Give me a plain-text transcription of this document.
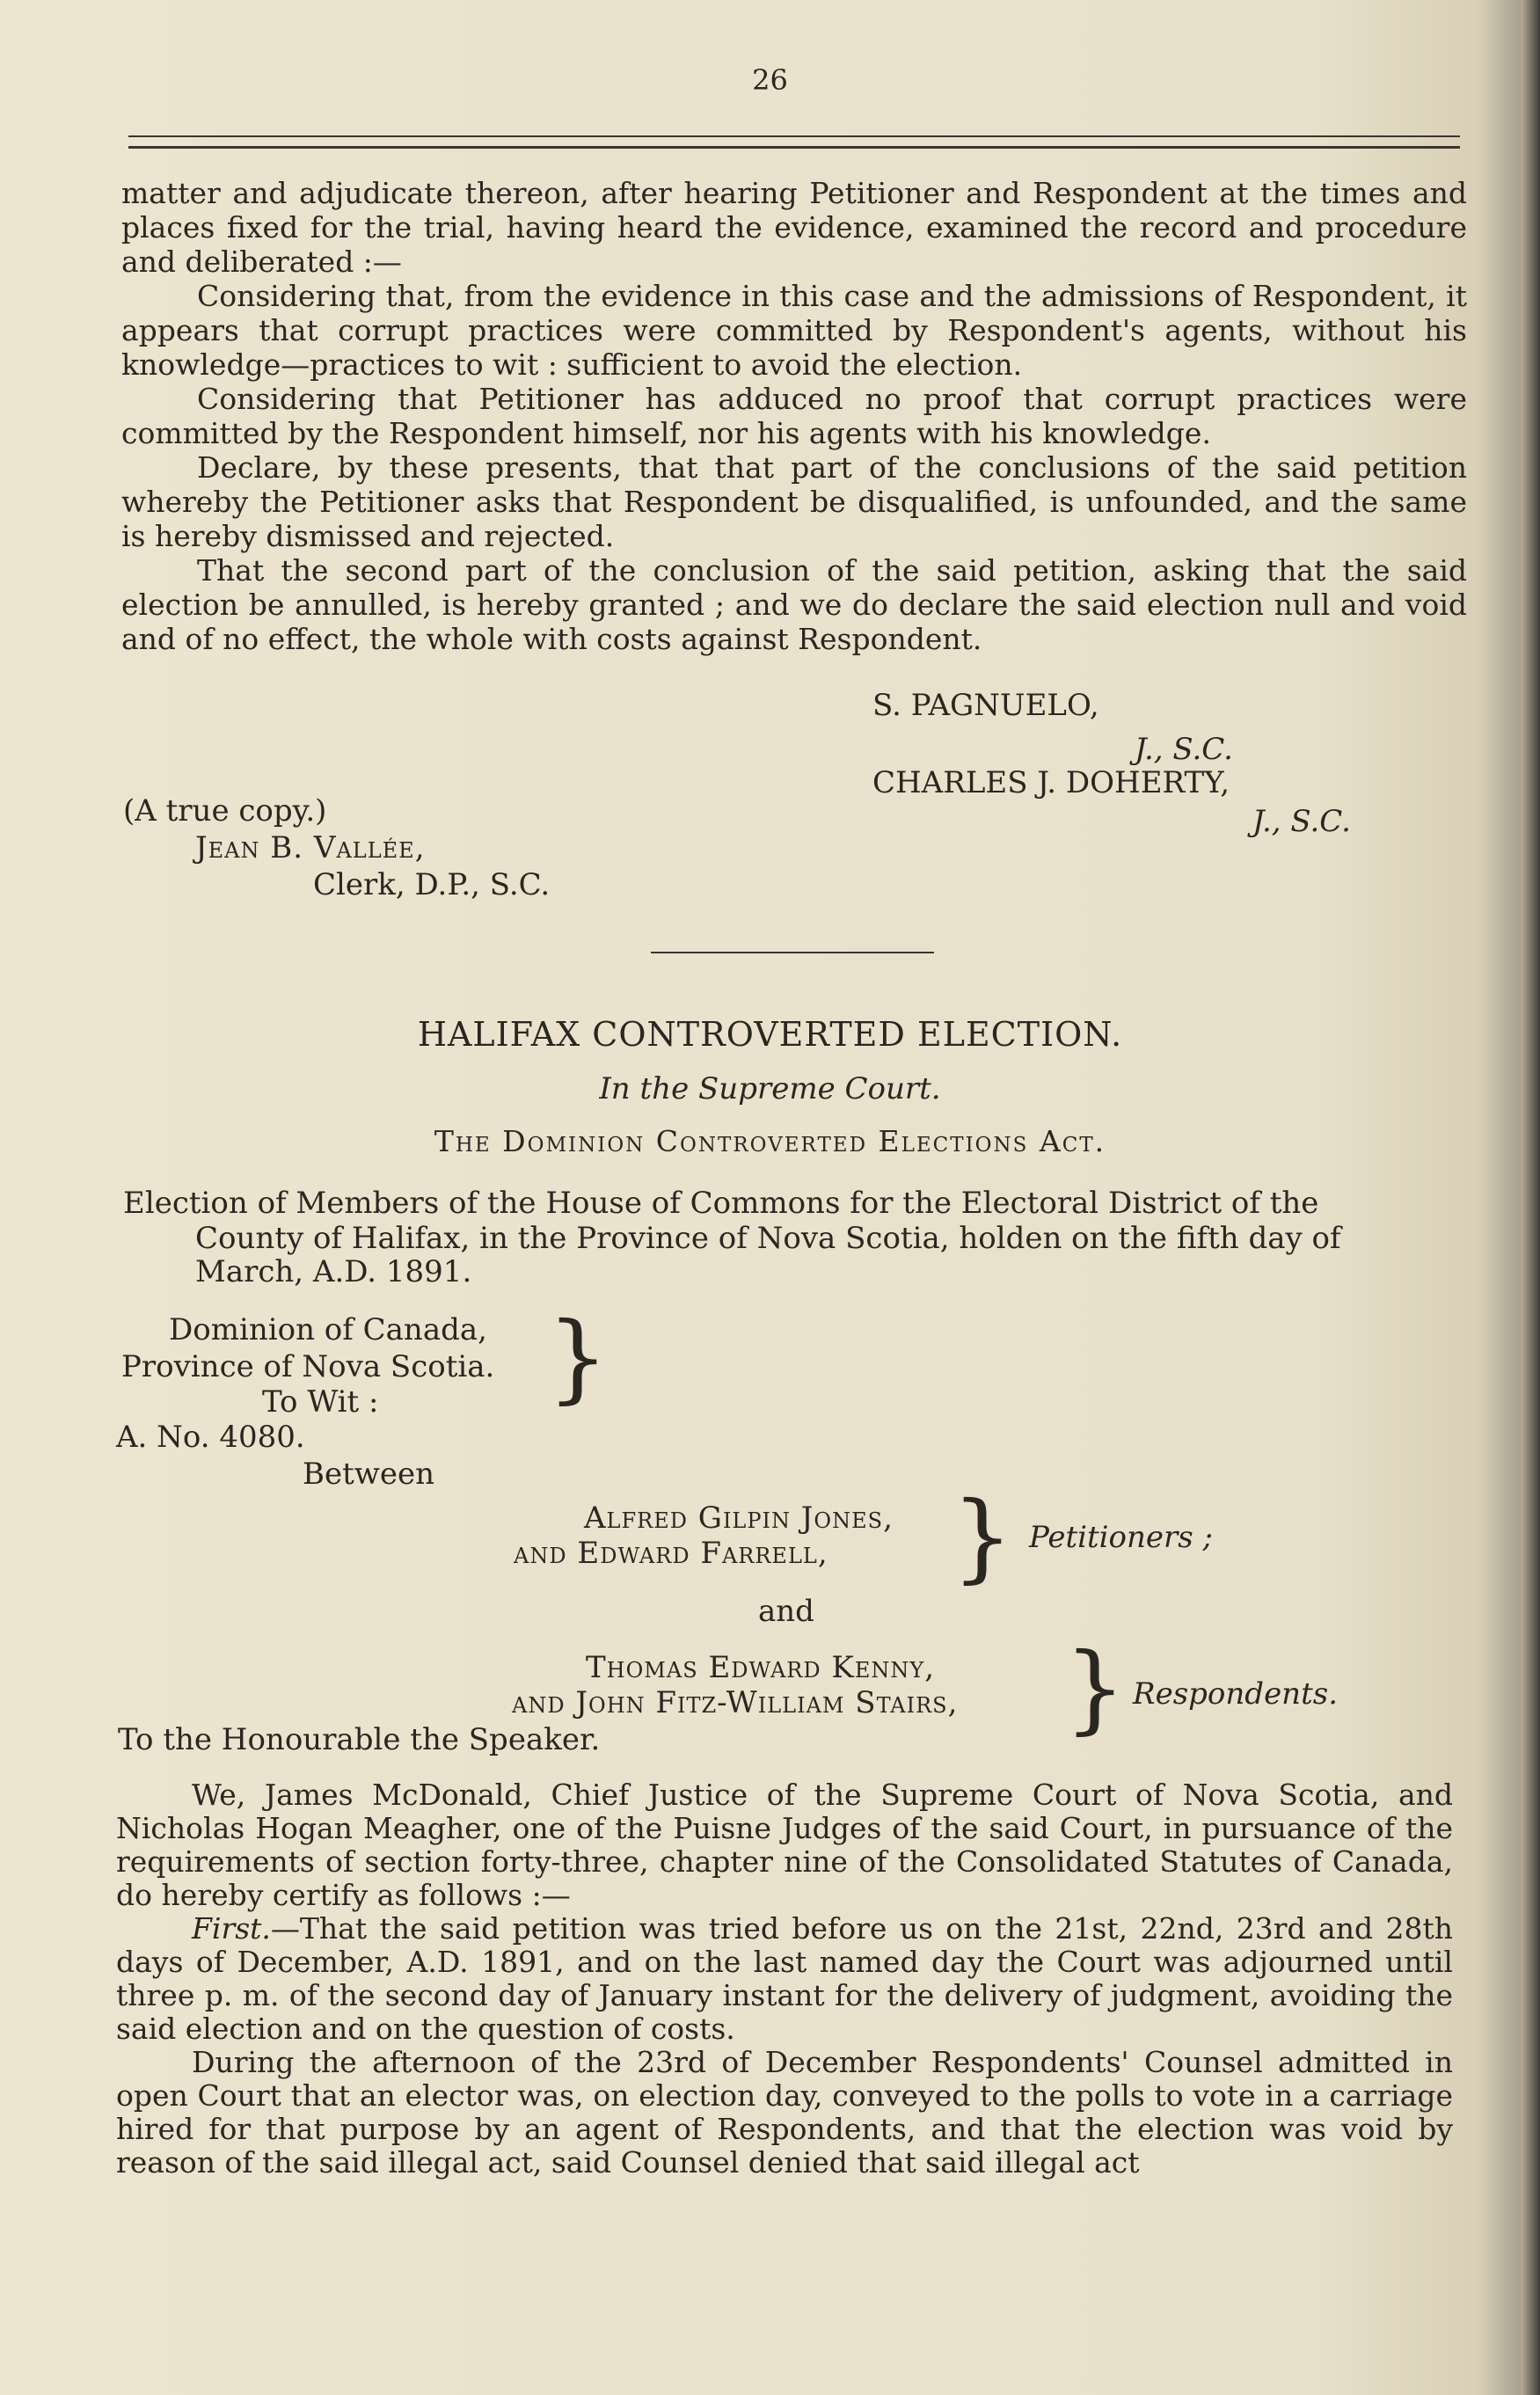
26

matter and adjudicate thereon, after hearing Petitioner and Respondent at the times and places fixed for the trial, having heard the evidence, examined the record and procedure and deliberated :—

Considering that, from the evidence in this case and the admissions of Respondent, it appears that corrupt practices were committed by Respondent's agents, without his knowledge—practices to wit : sufficient to avoid the election.

Considering that Petitioner has adduced no proof that corrupt practices were committed by the Respondent himself, nor his agents with his knowledge.

Declare, by these presents, that that part of the conclusions of the said petition whereby the Petitioner asks that Respondent be disqualified, is unfounded, and the same is hereby dismissed and rejected.

That the second part of the conclusion of the said petition, asking that the said election be annulled, is hereby granted ; and we do declare the said election null and void and of no effect, the whole with costs against Respondent.

S. PAGNUELO,
J., S.C.
CHARLES J. DOHERTY,
J., S.C.
(A true copy.)
Jean B. Vallée,
Clerk, D.P., S.C.
HALIFAX CONTROVERTED ELECTION.
In the Supreme Court.
The Dominion Controverted Elections Act.
Election of Members of the House of Commons for the Electoral District of the
County of Halifax, in the Province of Nova Scotia, holden on the fifth day of
March, A.D. 1891.
Dominion of Canada,
Province of Nova Scotia.
To Wit : }
A. No. 4080.
Between
Alfred Gilpin Jones,
and Edward Farrell, } Petitioners ;
and
Thomas Edward Kenny,
and John Fitz-William Stairs, } Respondents.
To the Honourable the Speaker.

We, James McDonald, Chief Justice of the Supreme Court of Nova Scotia, and Nicholas Hogan Meagher, one of the Puisne Judges of the said Court, in pursuance of the requirements of section forty-three, chapter nine of the Consolidated Statutes of Canada, do hereby certify as follows :—

First.—That the said petition was tried before us on the 21st, 22nd, 23rd and 28th days of December, A.D. 1891, and on the last named day the Court was adjourned until three p. m. of the second day of January instant for the delivery of judgment, avoiding the said election and on the question of costs.

During the afternoon of the 23rd of December Respondents' Counsel admitted in open Court that an elector was, on election day, conveyed to the polls to vote in a carriage hired for that purpose by an agent of Respondents, and that the election was void by reason of the said illegal act, said Counsel denied that said illegal act
